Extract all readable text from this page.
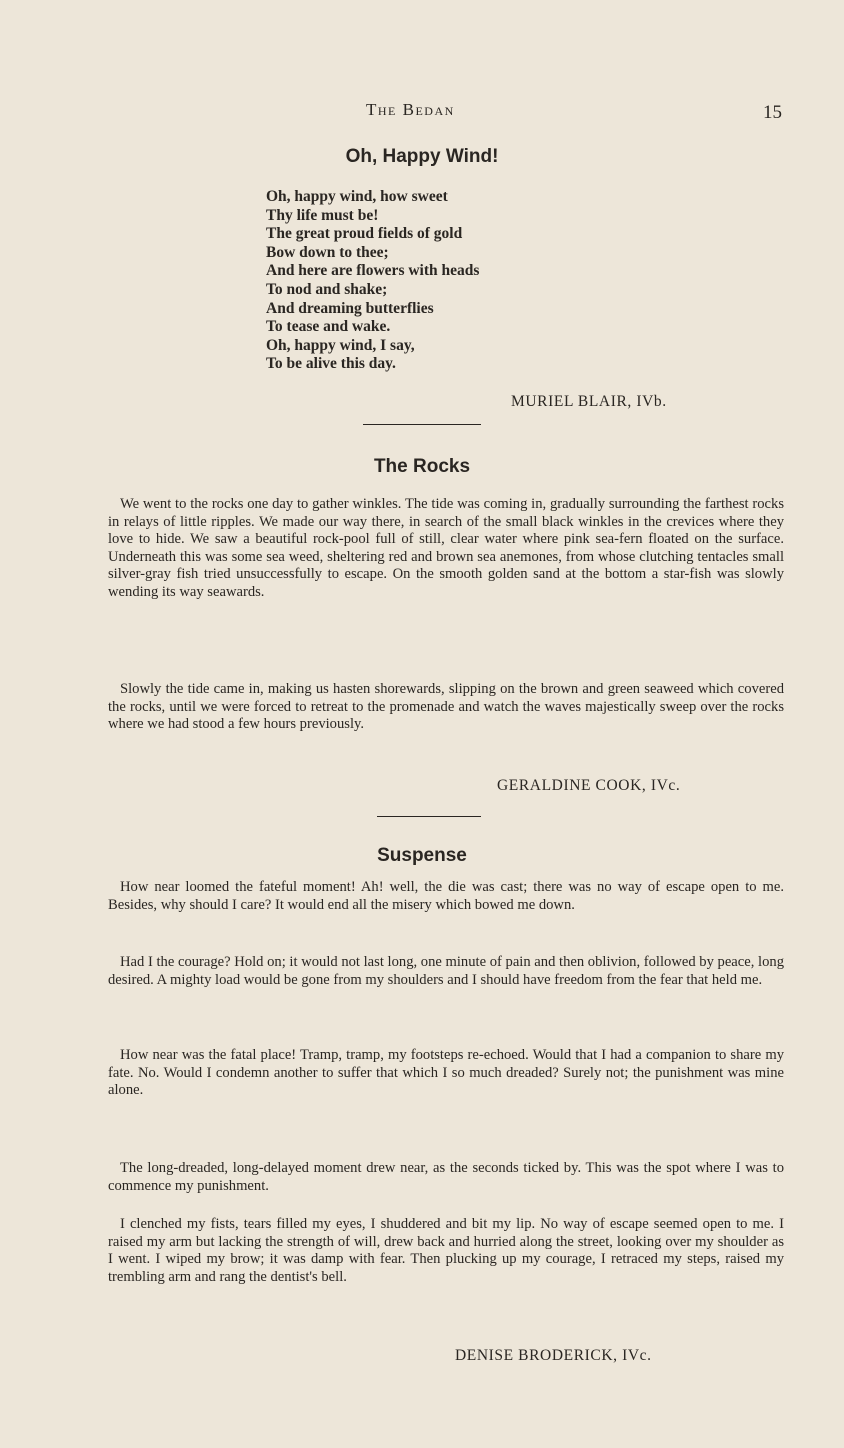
The Bedan	15
Oh, Happy Wind!
Oh, happy wind, how sweet
Thy life must be!
The great proud fields of gold
Bow down to thee;
And here are flowers with heads
To nod and shake;
And dreaming butterflies
To tease and wake.
Oh, happy wind, I say,
To be alive this day.
MURIEL BLAIR, IVb.
The Rocks

We went to the rocks one day to gather winkles. The tide was coming in, gradually surrounding the farthest rocks in relays of little ripples. We made our way there, in search of the small black winkles in the crevices where they love to hide. We saw a beautiful rock-pool full of still, clear water where pink sea-fern floated on the surface. Underneath this was some sea weed, sheltering red and brown sea anemones, from whose clutching tentacles small silver-gray fish tried unsuccessfully to escape. On the smooth golden sand at the bottom a star-fish was slowly wending its way seawards.

Slowly the tide came in, making us hasten shorewards, slipping on the brown and green seaweed which covered the rocks, until we were forced to retreat to the promenade and watch the waves majestically sweep over the rocks where we had stood a few hours previously.

GERALDINE COOK, IVc.
Suspense

How near loomed the fateful moment! Ah! well, the die was cast; there was no way of escape open to me. Besides, why should I care? It would end all the misery which bowed me down.

Had I the courage? Hold on; it would not last long, one minute of pain and then oblivion, followed by peace, long desired. A mighty load would be gone from my shoulders and I should have freedom from the fear that held me.

How near was the fatal place! Tramp, tramp, my footsteps re-echoed. Would that I had a companion to share my fate. No. Would I condemn another to suffer that which I so much dreaded? Surely not; the punishment was mine alone.

The long-dreaded, long-delayed moment drew near, as the seconds ticked by. This was the spot where I was to commence my punishment.

I clenched my fists, tears filled my eyes, I shuddered and bit my lip. No way of escape seemed open to me. I raised my arm but lacking the strength of will, drew back and hurried along the street, looking over my shoulder as I went. I wiped my brow; it was damp with fear. Then plucking up my courage, I retraced my steps, raised my trembling arm and rang the dentist's bell.

DENISE BRODERICK, IVc.
